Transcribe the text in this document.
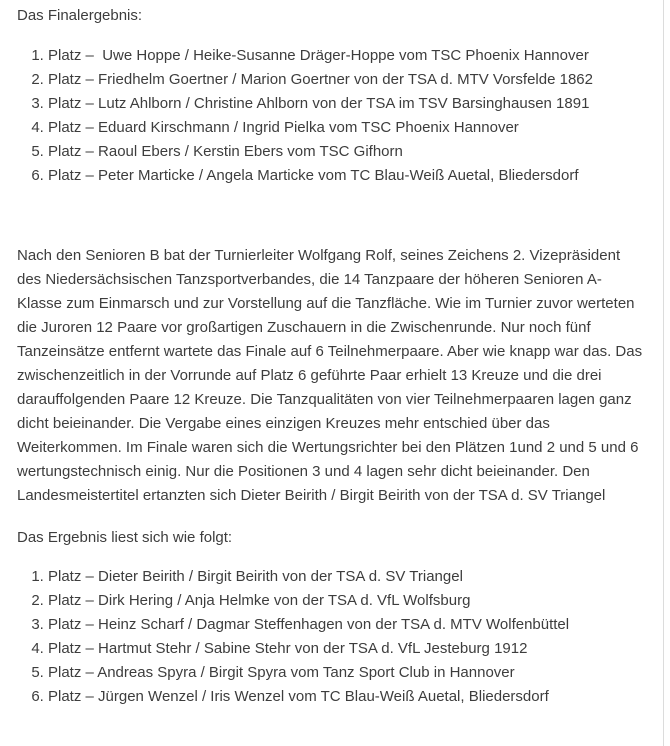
Das Finalergebnis:

1. Platz –  Uwe Hoppe / Heike-Susanne Dräger-Hoppe vom TSC Phoenix Hannover
2. Platz – Friedhelm Goertner / Marion Goertner von der TSA d. MTV Vorsfelde 1862
3. Platz – Lutz Ahlborn / Christine Ahlborn von der TSA im TSV Barsinghausen 1891
4. Platz – Eduard Kirschmann / Ingrid Pielka vom TSC Phoenix Hannover
5. Platz – Raoul Ebers / Kerstin Ebers vom TSC Gifhorn
6. Platz – Peter Marticke / Angela Marticke vom TC Blau-Weiß Auetal, Bliedersdorf

Nach den Senioren B bat der Turnierleiter Wolfgang Rolf, seines Zeichens 2. Vizepräsident des Niedersächsischen Tanzsportverbandes, die 14 Tanzpaare der höheren Senioren A-Klasse zum Einmarsch und zur Vorstellung auf die Tanzfläche. Wie im Turnier zuvor werteten die Juroren 12 Paare vor großartigen Zuschauern in die Zwischenrunde. Nur noch fünf Tanzeinsätze entfernt wartete das Finale auf 6 Teilnehmerpaare. Aber wie knapp war das. Das zwischenzeitlich in der Vorrunde auf Platz 6 geführte Paar erhielt 13 Kreuze und die drei darauffolgenden Paare 12 Kreuze. Die Tanzqualitäten von vier Teilnehmerpaaren lagen ganz dicht beieinander. Die Vergabe eines einzigen Kreuzes mehr entschied über das Weiterkommen. Im Finale waren sich die Wertungsrichter bei den Plätzen 1und 2 und 5 und 6 wertungstechnisch einig. Nur die Positionen 3 und 4 lagen sehr dicht beieinander. Den Landesmeistertitel ertanzten sich Dieter Beirith / Birgit Beirith von der TSA d. SV Triangel

Das Ergebnis liest sich wie folgt:

1. Platz – Dieter Beirith / Birgit Beirith von der TSA d. SV Triangel
2. Platz – Dirk Hering / Anja Helmke von der TSA d. VfL Wolfsburg
3. Platz – Heinz Scharf / Dagmar Steffenhagen von der TSA d. MTV Wolfenbüttel
4. Platz – Hartmut Stehr / Sabine Stehr von der TSA d. VfL Jesteburg 1912
5. Platz – Andreas Spyra / Birgit Spyra vom Tanz Sport Club in Hannover
6. Platz – Jürgen Wenzel / Iris Wenzel vom TC Blau-Weiß Auetal, Bliedersdorf
